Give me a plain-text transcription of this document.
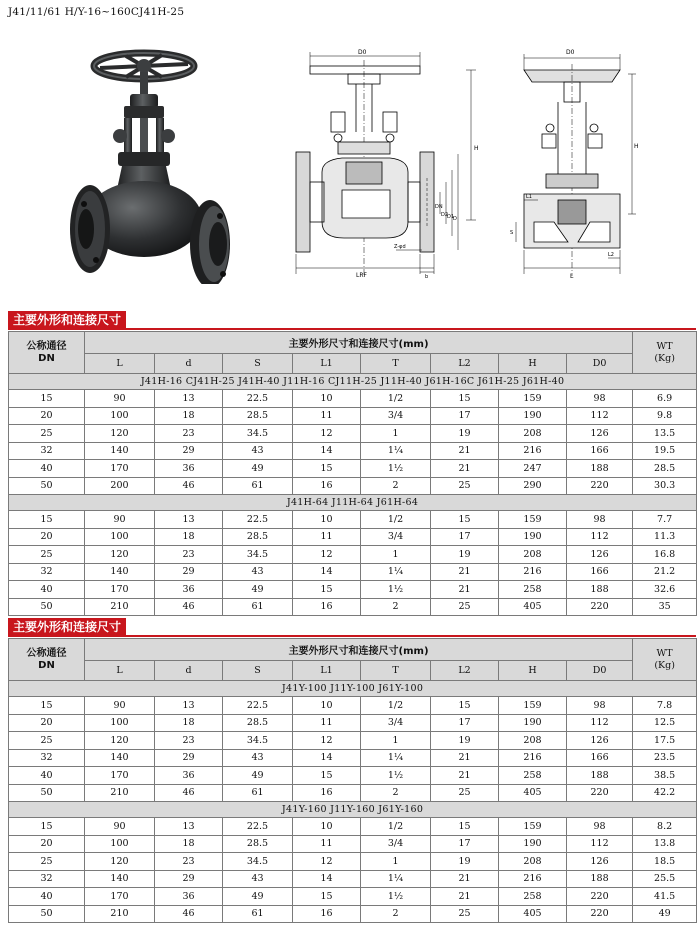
J41/11/61 H/Y-16~160CJ41H-25
D0
H
DN
D2
D1
D
Z-φd
LRF	b
D0
H
L1
S
L2
L
主要外形和连接尺寸
公称通径
DN	主要外形尺寸和连接尺寸(mm)								WT
(Kg)
	L	d	S	L1	T	L2	H	D0	
J41H-16 CJ41H-25 J41H-40 J11H-16 CJ11H-25 J11H-40 J61H-16C J61H-25 J61H-40									
15	90	13	22.5	10	1/2	15	159	98	6.9
20	100	18	28.5	11	3/4	17	190	112	9.8
25	120	23	34.5	12	1	19	208	126	13.5
32	140	29	43	14	1¼	21	216	166	19.5
40	170	36	49	15	1½	21	247	188	28.5
50	200	46	61	16	2	25	290	220	30.3
J41H-64 J11H-64 J61H-64									
15	90	13	22.5	10	1/2	15	159	98	7.7
20	100	18	28.5	11	3/4	17	190	112	11.3
25	120	23	34.5	12	1	19	208	126	16.8
32	140	29	43	14	1¼	21	216	166	21.2
40	170	36	49	15	1½	21	258	188	32.6
50	210	46	61	16	2	25	405	220	35
主要外形和连接尺寸
公称通径
DN	主要外形尺寸和连接尺寸(mm)								WT
(Kg)
	L	d	S	L1	T	L2	H	D0	
J41Y-100 J11Y-100 J61Y-100									
15	90	13	22.5	10	1/2	15	159	98	7.8
20	100	18	28.5	11	3/4	17	190	112	12.5
25	120	23	34.5	12	1	19	208	126	17.5
32	140	29	43	14	1¼	21	216	166	23.5
40	170	36	49	15	1½	21	258	188	38.5
50	210	46	61	16	2	25	405	220	42.2
J41Y-160 J11Y-160 J61Y-160									
15	90	13	22.5	10	1/2	15	159	98	8.2
20	100	18	28.5	11	3/4	17	190	112	13.8
25	120	23	34.5	12	1	19	208	126	18.5
32	140	29	43	14	1¼	21	216	188	25.5
40	170	36	49	15	1½	21	258	220	41.5
50	210	46	61	16	2	25	405	220	49
